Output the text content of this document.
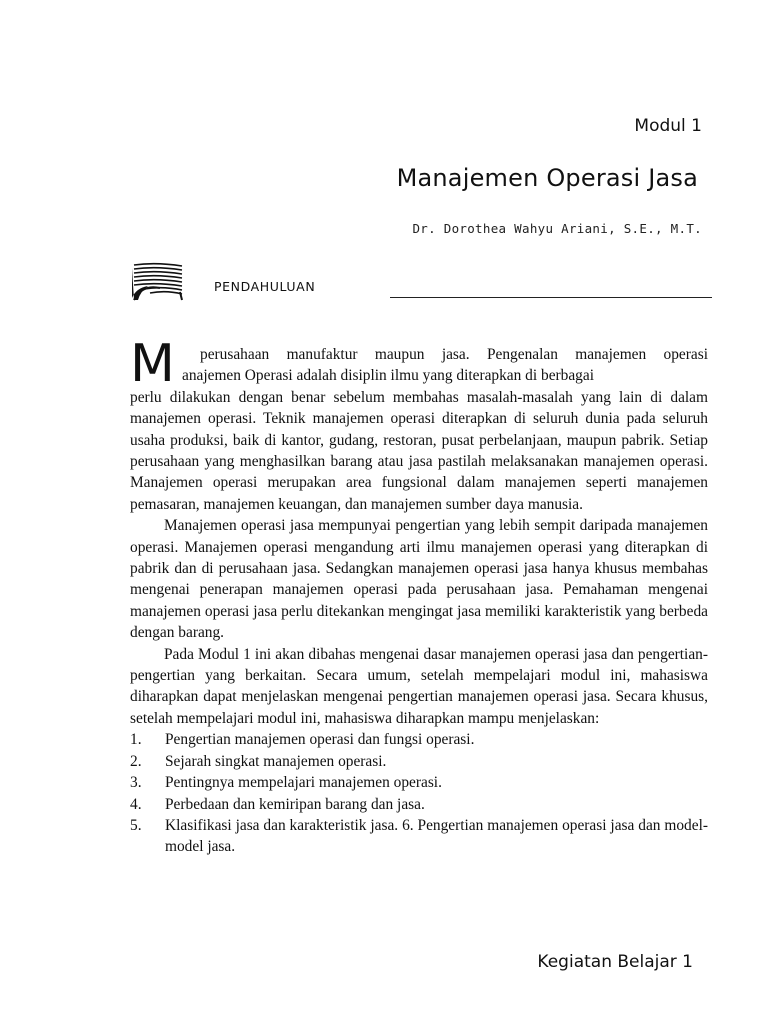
Modul 1
Manajemen Operasi Jasa
Dr. Dorothea Wahyu Ariani, S.E., M.T.
PENDAHULUAN
M perusahaan manufaktur maupun jasa. Pengenalan manajemen operasi
anajemen Operasi adalah disiplin ilmu yang diterapkan di berbagai

perlu dilakukan dengan benar sebelum membahas masalah-masalah yang lain di dalam manajemen operasi. Teknik manajemen operasi diterapkan di seluruh dunia pada seluruh usaha produksi, baik di kantor, gudang, restoran, pusat perbelanjaan, maupun pabrik. Setiap perusahaan yang menghasilkan barang atau jasa pastilah melaksanakan manajemen operasi. Manajemen operasi merupakan area fungsional dalam manajemen seperti manajemen pemasaran, manajemen keuangan, dan manajemen sumber daya manusia.

Manajemen operasi jasa mempunyai pengertian yang lebih sempit daripada manajemen operasi. Manajemen operasi mengandung arti ilmu manajemen operasi yang diterapkan di pabrik dan di perusahaan jasa. Sedangkan manajemen operasi jasa hanya khusus membahas mengenai penerapan manajemen operasi pada perusahaan jasa. Pemahaman mengenai manajemen operasi jasa perlu ditekankan mengingat jasa memiliki karakteristik yang berbeda dengan barang.

Pada Modul 1 ini akan dibahas mengenai dasar manajemen operasi jasa dan pengertian-pengertian yang berkaitan. Secara umum, setelah mempelajari modul ini, mahasiswa diharapkan dapat menjelaskan mengenai pengertian manajemen operasi jasa. Secara khusus, setelah mempelajari modul ini, mahasiswa diharapkan mampu menjelaskan:

1. Pengertian manajemen operasi dan fungsi operasi.
2. Sejarah singkat manajemen operasi.
3. Pentingnya mempelajari manajemen operasi.
4. Perbedaan dan kemiripan barang dan jasa.
5. Klasifikasi jasa dan karakteristik jasa. 6. Pengertian manajemen operasi jasa dan model-model jasa.
Kegiatan Belajar 1
